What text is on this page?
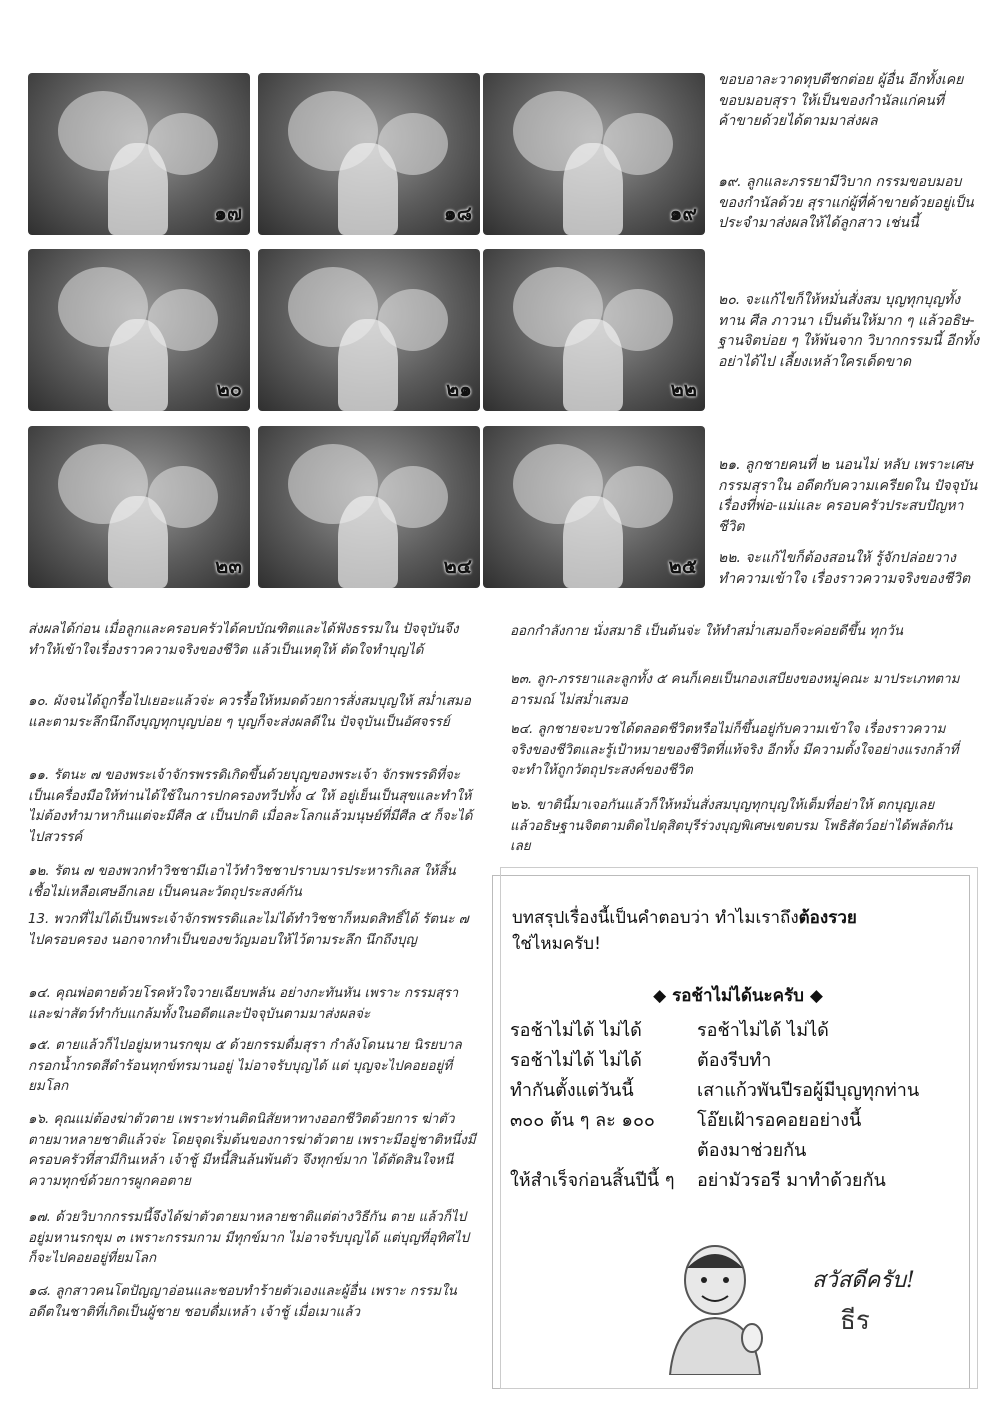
๑๗	๑๘	๑๙
๒๐	๒๑	๒๒
๒๓	๒๔	๒๕

ขอบอาละวาดทุบตีชกต่อย ผู้อื่น อีกทั้งเคยขอบมอบสุรา ให้เป็นของกำนัลแก่คนที่ ค้าขายด้วยได้ตามมาส่งผล

๑๙. ลูกและภรรยามีวิบาก กรรมขอบมอบของกำนัลด้วย สุราแก่ผู้ที่ค้าขายด้วยอยู่เป็น ประจำมาส่งผลให้ได้ลูกสาว เช่นนี้

๒๐. จะแก้ไขก็ให้หมั่นสั่งสม บุญทุกบุญทั้งทาน ศีล ภาวนา เป็นต้นให้มาก ๆ แล้วอธิษ-ฐานจิตบ่อย ๆ ให้พ้นจาก วิบากกรรมนี้ อีกทั้งอย่าได้ไป เลี้ยงเหล้าใครเด็ดขาด

๒๑. ลูกชายคนที่ ๒ นอนไม่ หลับ เพราะเศษกรรมสุราใน อดีตกับความเครียดใน ปัจจุบันเรื่องที่พ่อ-แม่และ ครอบครัวประสบปัญหาชีวิต

๒๒. จะแก้ไขก็ต้องสอนให้ รู้จักปล่อยวางทำความเข้าใจ เรื่องราวความจริงของชีวิต

ส่งผลได้ก่อน เมื่อลูกและครอบครัวได้คบบัณฑิตและได้ฟังธรรมใน ปัจจุบันจึงทำให้เข้าใจเรื่องราวความจริงของชีวิต แล้วเป็นเหตุให้ ตัดใจทำบุญได้

๑๐. ผังจนได้ถูกรื้อไปเยอะแล้วจ่ะ ควรรื้อให้หมดด้วยการสั่งสมบุญให้ สม่ำเสมอและตามระลึกนึกถึงบุญทุกบุญบ่อย ๆ บุญก็จะส่งผลดีใน ปัจจุบันเป็นอัศจรรย์

๑๑. รัตนะ ๗ ของพระเจ้าจักรพรรดิเกิดขึ้นด้วยบุญของพระเจ้า จักรพรรดิที่จะเป็นเครื่องมือให้ท่านได้ใช้ในการปกครองทวีปทั้ง ๔ ให้ อยู่เย็นเป็นสุขและทำให้ไม่ต้องทำมาหากินแต่จะมีศีล ๕ เป็นปกติ เมื่อละโลกแล้วมนุษย์ที่มีศีล ๕ ก็จะได้ไปสวรรค์

๑๒. รัตน ๗ ของพวกทำวิชชามีเอาไว้ทำวิชชาปราบมารประหารกิเลส ให้สิ้นเชื้อไม่เหลือเศษอีกเลย เป็นคนละวัตถุประสงค์กัน

13. พวกที่ไม่ได้เป็นพระเจ้าจักรพรรดิและไม่ได้ทำวิชชาก็หมดสิทธิ์ได้ รัตนะ ๗ ไปครอบครอง นอกจากทำเป็นของขวัญมอบให้ไว้ตามระลึก นึกถึงบุญ

๑๔. คุณพ่อตายด้วยโรคหัวใจวายเฉียบพลัน อย่างกะทันหัน เพราะ กรรมสุราและฆ่าสัตว์ทำกับแกล้มทั้งในอดีตและปัจจุบันตามมาส่งผลจ่ะ

๑๕. ตายแล้วก็ไปอยู่มหานรกขุม ๕ ด้วยกรรมดื่มสุรา กำลังโดนนาย นิรยบาลกรอกน้ำกรดสีดำร้อนทุกข์ทรมานอยู่ ไม่อาจรับบุญได้ แต่ บุญจะไปคอยอยู่ที่ยมโลก

๑๖. คุณแม่ต้องฆ่าตัวตาย เพราะท่านติดนิสัยหาทางออกชีวิตด้วยการ ฆ่าตัวตายมาหลายชาติแล้วจ่ะ โดยจุดเริ่มต้นของการฆ่าตัวตาย เพราะมีอยู่ชาติหนึ่งมีครอบครัวที่สามีกินเหล้า เจ้าชู้ มีหนี้สินล้นพ้นตัว จึงทุกข์มาก ได้ตัดสินใจหนีความทุกข์ด้วยการผูกคอตาย

๑๗. ด้วยวิบากกรรมนี้จึงได้ฆ่าตัวตายมาหลายชาติแต่ต่างวิธีกัน ตาย แล้วก็ไปอยู่มหานรกขุม ๓ เพราะกรรมกาม มีทุกข์มาก ไม่อาจรับบุญได้ แต่บุญที่อุทิศไปก็จะไปคอยอยู่ที่ยมโลก

๑๘. ลูกสาวคนโตปัญญาอ่อนและชอบทำร้ายตัวเองและผู้อื่น เพราะ กรรมในอดีตในชาติที่เกิดเป็นผู้ชาย ชอบดื่มเหล้า เจ้าชู้ เมื่อเมาแล้ว

ออกกำลังกาย นั่งสมาธิ เป็นต้นจ่ะ ให้ทำสม่ำเสมอก็จะค่อยดีขึ้น ทุกวัน

๒๓. ลูก-ภรรยาและลูกทั้ง ๕ คนก็เคยเป็นกองเสบียงของหมู่คณะ มาประเภทตามอารมณ์ ไม่สม่ำเสมอ

๒๔. ลูกชายจะบวชได้ตลอดชีวิตหรือไม่ก็ขึ้นอยู่กับความเข้าใจ เรื่องราวความจริงของชีวิตและรู้เป้าหมายของชีวิตที่แท้จริง อีกทั้ง มีความตั้งใจอย่างแรงกล้าที่จะทำให้ถูกวัตถุประสงค์ของชีวิต

๒๖. ขาตินี้มาเจอกันแล้วก็ให้หมั่นสั่งสมบุญทุกบุญให้เต็มที่อย่าให้ ตกบุญเลย แล้วอธิษฐานจิตตามติดไปดุสิตบุรีร่วงบุญพิเศษเขตบรม โพธิสัตว์อย่าได้พลัดกันเลย

บทสรุปเรื่องนี้เป็นคำตอบว่า ทำไมเราถึงต้องรวย
ใช่ไหมครับ!
◆ รอช้าไม่ได้นะครับ ◆
รอช้าไม่ได้ ไม่ได้
รอช้าไม่ได้ ไม่ได้
ทำกันตั้งแต่วันนี้
๓๐๐ ต้น ๆ ละ ๑๐๐
ให้สำเร็จก่อนสิ้นปีนี้ ๆ
รอช้าไม่ได้ ไม่ได้
ต้องรีบทำ
เสาแก้วพันปีรอผู้มีบุญทุกท่าน
โอ๊ยเฝ้ารอคอยอย่างนี้
ต้องมาช่วยกัน
อย่ามัวรอรี มาทำด้วยกัน
สวัสดีครับ!
ธีร
